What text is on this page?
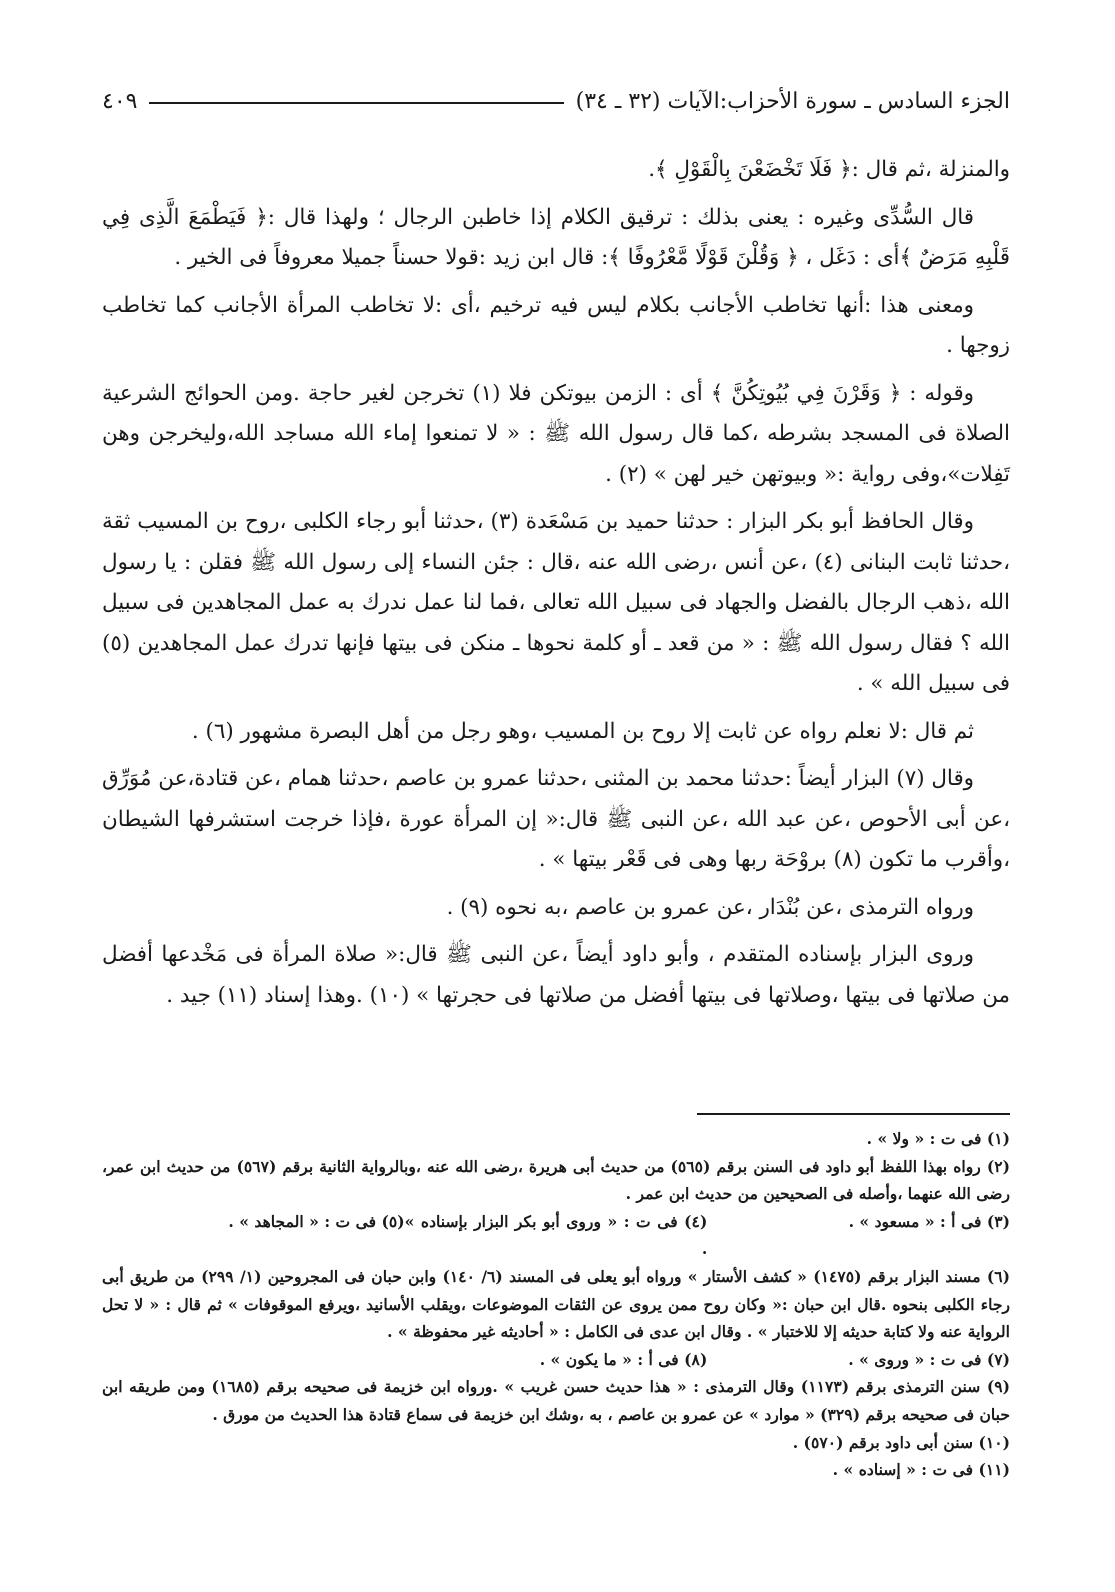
الجزء السادس ـ سورة الأحزاب:الآيات (٣٢ ـ ٣٤)
٤٠٩

والمنزلة ،ثم قال :﴿ فَلَا تَخْضَعْنَ بِالْقَوْلِ ﴾.

قال السُّدِّى وغيره : يعنى بذلك : ترقيق الكلام إذا خاطبن الرجال ؛ ولهذا قال :﴿ فَيَطْمَعَ الَّذِى فِي قَلْبِهِ مَرَضٌ ﴾أى : دَغَل ، ﴿ وَقُلْنَ قَوْلًا مَّعْرُوفًا ﴾: قال ابن زيد :قولا حسناً جميلا معروفاً فى الخير .

ومعنى هذا :أنها تخاطب الأجانب بكلام ليس فيه ترخيم ،أى :لا تخاطب المرأة الأجانب كما تخاطب زوجها .

وقوله : ﴿ وَقَرْنَ فِي بُيُوتِكُنَّ ﴾ أى : الزمن بيوتكن فلا (١) تخرجن لغير حاجة .ومن الحوائج الشرعية الصلاة فى المسجد بشرطه ،كما قال رسول الله ﷺ : « لا تمنعوا إماء الله مساجد الله،وليخرجن وهن تَفِلات»،وفى رواية :« وبيوتهن خير لهن » (٢) .

وقال الحافظ أبو بكر البزار : حدثنا حميد بن مَسْعَدة (٣) ،حدثنا أبو رجاء الكلبى ،روح بن المسيب ثقة ،حدثنا ثابت البنانى (٤) ،عن أنس ،رضى الله عنه ،قال : جئن النساء إلى رسول الله ﷺ فقلن : يا رسول الله ،ذهب الرجال بالفضل والجهاد فى سبيل الله تعالى ،فما لنا عمل ندرك به عمل المجاهدين فى سبيل الله ؟ فقال رسول الله ﷺ : « من قعد ـ أو كلمة نحوها ـ منكن فى بيتها فإنها تدرك عمل المجاهدين (٥) فى سبيل الله » .

ثم قال :لا نعلم رواه عن ثابت إلا روح بن المسيب ،وهو رجل من أهل البصرة مشهور (٦) .

وقال (٧) البزار أيضاً :حدثنا محمد بن المثنى ،حدثنا عمرو بن عاصم ،حدثنا همام ،عن قتادة،عن مُوَرِّق ،عن أبى الأحوص ،عن عبد الله ،عن النبى ﷺ قال:« إن المرأة عورة ،فإذا خرجت استشرفها الشيطان ،وأقرب ما تكون (٨) بروْحَة ربها وهى فى قَعْر بيتها » .

ورواه الترمذى ،عن بُنْدَار ،عن عمرو بن عاصم ،به نحوه (٩) .

وروى البزار بإسناده المتقدم ، وأبو داود أيضاً ،عن النبى ﷺ قال:« صلاة المرأة فى مَخْدعها أفضل من صلاتها فى بيتها ،وصلاتها فى بيتها أفضل من صلاتها فى حجرتها » (١٠) .وهذا إسناد (١١) جيد .

(١) فى ت : « ولا » .

(٢) رواه بهذا اللفظ أبو داود فى السنن برقم (٥٦٥) من حديث أبى هريرة ،رضى الله عنه ،وبالرواية الثانية برقم (٥٦٧) من حديث ابن عمر، رضى الله عنهما ،وأصله فى الصحيحين من حديث ابن عمر .

(٣) فى أ : « مسعود » .
(٤) فى ت : « وروى أبو بكر البزار بإسناده » .
(٥) فى ت : « المجاهد » .

(٦) مسند البزار برقم (١٤٧٥) « كشف الأستار » ورواه أبو يعلى فى المسند (٦/ ١٤٠) وابن حبان فى المجروحين (١/ ٢٩٩) من طريق أبى رجاء الكلبى بنحوه .قال ابن حبان :« وكان روح ممن يروى عن الثقات الموضوعات ،ويقلب الأسانيد ،ويرفع الموقوفات » ثم قال : « لا تحل الرواية عنه ولا كتابة حديثه إلا للاختبار » . وقال ابن عدى فى الكامل : « أحاديثه غير محفوظة » .

(٧) فى ت : « وروى » .
(٨) فى أ : « ما يكون » .

(٩) سنن الترمذى برقم (١١٧٣) وقال الترمذى : « هذا حديث حسن غريب » .ورواه ابن خزيمة فى صحيحه برقم (١٦٨٥) ومن طريقه ابن حبان فى صحيحه برقم (٣٢٩) « موارد » عن عمرو بن عاصم ، به ،وشك ابن خزيمة فى سماع قتادة هذا الحديث من مورق .

(١٠) سنن أبى داود برقم (٥٧٠) .

(١١) فى ت : « إسناده » .
